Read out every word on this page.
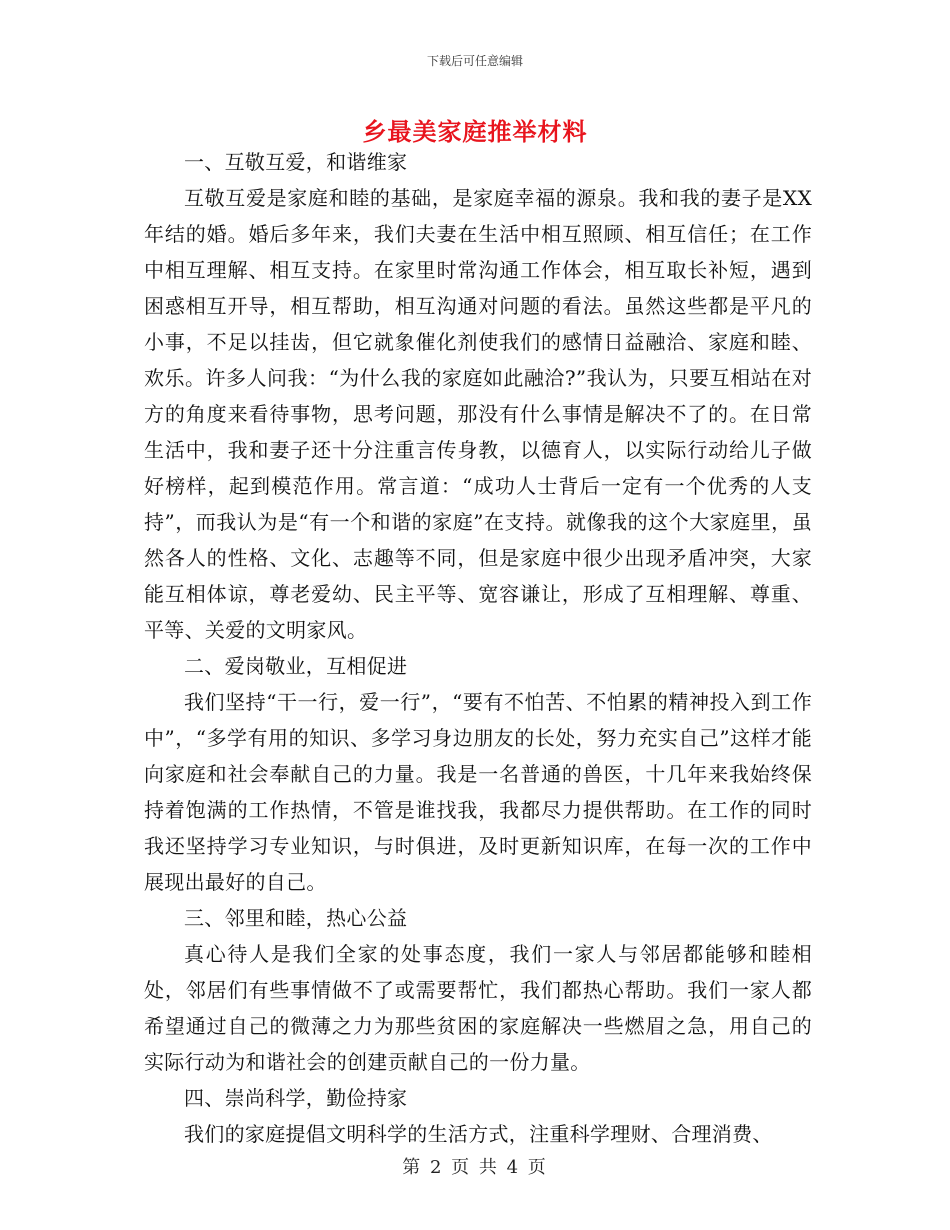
下载后可任意编辑
乡最美家庭推举材料

一、互敬互爱，和谐维家

互敬互爱是家庭和睦的基础，是家庭幸福的源泉。我和我的妻子是XX年结的婚。婚后多年来，我们夫妻在生活中相互照顾、相互信任；在工作中相互理解、相互支持。在家里时常沟通工作体会，相互取长补短，遇到困惑相互开导，相互帮助，相互沟通对问题的看法。虽然这些都是平凡的小事，不足以挂齿，但它就象催化剂使我们的感情日益融洽、家庭和睦、欢乐。许多人问我：“为什么我的家庭如此融洽?”我认为，只要互相站在对方的角度来看待事物，思考问题，那没有什么事情是解决不了的。在日常生活中，我和妻子还十分注重言传身教，以德育人，以实际行动给儿子做好榜样，起到模范作用。常言道：“成功人士背后一定有一个优秀的人支持”，而我认为是“有一个和谐的家庭”在支持。就像我的这个大家庭里，虽然各人的性格、文化、志趣等不同，但是家庭中很少出现矛盾冲突，大家能互相体谅，尊老爱幼、民主平等、宽容谦让，形成了互相理解、尊重、平等、关爱的文明家风。

二、爱岗敬业，互相促进

我们坚持“干一行，爱一行”，“要有不怕苦、不怕累的精神投入到工作中”，“多学有用的知识、多学习身边朋友的长处，努力充实自己”这样才能向家庭和社会奉献自己的力量。我是一名普通的兽医，十几年来我始终保持着饱满的工作热情，不管是谁找我，我都尽力提供帮助。在工作的同时我还坚持学习专业知识，与时俱进，及时更新知识库，在每一次的工作中展现出最好的自己。

三、邻里和睦，热心公益

真心待人是我们全家的处事态度，我们一家人与邻居都能够和睦相处，邻居们有些事情做不了或需要帮忙，我们都热心帮助。我们一家人都希望通过自己的微薄之力为那些贫困的家庭解决一些燃眉之急，用自己的实际行动为和谐社会的创建贡献自己的一份力量。

四、崇尚科学，勤俭持家

我们的家庭提倡文明科学的生活方式，注重科学理财、合理消费、

第 2 页 共 4 页
